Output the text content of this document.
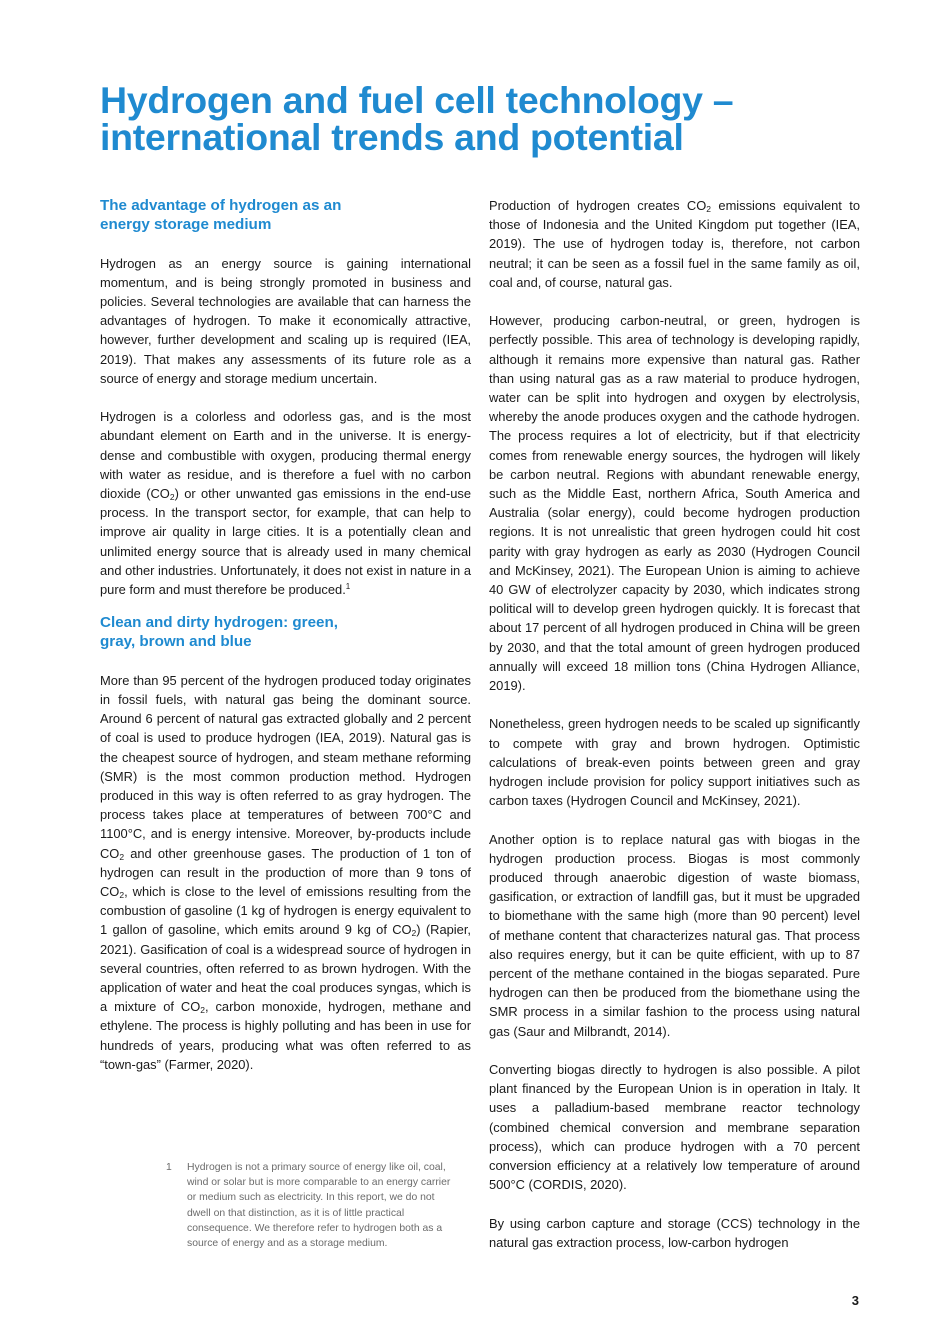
Hydrogen and fuel cell technology – international trends and potential
The advantage of hydrogen as an energy storage medium

Hydrogen as an energy source is gaining international momentum, and is being strongly promoted in business and policies. Several technologies are available that can harness the advantages of hydrogen. To make it economically attractive, however, further development and scaling up is required (IEA, 2019). That makes any assessments of its future role as a source of energy and storage medium uncertain.

Hydrogen is a colorless and odorless gas, and is the most abundant element on Earth and in the universe. It is energy-dense and combustible with oxygen, producing thermal energy with water as residue, and is therefore a fuel with no carbon dioxide $(CO_2)$ or other unwanted gas emissions in the end-use process. In the transport sector, for example, that can help to improve air quality in large cities. It is a potentially clean and unlimited energy source that is already used in many chemical and other industries. Unfortunately, it does not exist in nature in a pure form and must therefore be produced.$^1$

Clean and dirty hydrogen: green, gray, brown and blue

More than 95 percent of the hydrogen produced today originates in fossil fuels, with natural gas being the dominant source. Around 6 percent of natural gas extracted globally and 2 percent of coal is used to produce hydrogen (IEA, 2019). Natural gas is the cheapest source of hydrogen, and steam methane reforming (SMR) is the most common production method. Hydrogen produced in this way is often referred to as gray hydrogen. The process takes place at temperatures of between 700°C and 1100°C, and is energy intensive. Moreover, by-products include $CO_2$ and other greenhouse gases. The production of 1 ton of hydrogen can result in the production of more than 9 tons of $CO_2$, which is close to the level of emissions resulting from the combustion of gasoline (1 kg of hydrogen is energy equivalent to 1 gallon of gasoline, which emits around 9 kg of $CO_2$) (Rapier, 2021). Gasification of coal is a widespread source of hydrogen in several countries, often referred to as brown hydrogen. With the application of water and heat the coal produces syngas, which is a mixture of $CO_2$, carbon monoxide, hydrogen, methane and ethylene. The process is highly polluting and has been in use for hundreds of years, producing what was often referred to as “town-gas” (Farmer, 2020).

Production of hydrogen creates $CO_2$ emissions equivalent to those of Indonesia and the United Kingdom put together (IEA, 2019). The use of hydrogen today is, therefore, not carbon neutral; it can be seen as a fossil fuel in the same family as oil, coal and, of course, natural gas.

However, producing carbon-neutral, or green, hydrogen is perfectly possible. This area of technology is developing rapidly, although it remains more expensive than natural gas. Rather than using natural gas as a raw material to produce hydrogen, water can be split into hydrogen and oxygen by electrolysis, whereby the anode produces oxygen and the cathode hydrogen. The process requires a lot of electricity, but if that electricity comes from renewable energy sources, the hydrogen will likely be carbon neutral. Regions with abundant renewable energy, such as the Middle East, northern Africa, South America and Australia (solar energy), could become hydrogen production regions. It is not unrealistic that green hydrogen could hit cost parity with gray hydrogen as early as 2030 (Hydrogen Council and McKinsey, 2021). The European Union is aiming to achieve 40 GW of electrolyzer capacity by 2030, which indicates strong political will to develop green hydrogen quickly. It is forecast that about 17 percent of all hydrogen produced in China will be green by 2030, and that the total amount of green hydrogen produced annually will exceed 18 million tons (China Hydrogen Alliance, 2019).

Nonetheless, green hydrogen needs to be scaled up significantly to compete with gray and brown hydrogen. Optimistic calculations of break-even points between green and gray hydrogen include provision for policy support initiatives such as carbon taxes (Hydrogen Council and McKinsey, 2021).

Another option is to replace natural gas with biogas in the hydrogen production process. Biogas is most commonly produced through anaerobic digestion of waste biomass, gasification, or extraction of landfill gas, but it must be upgraded to biomethane with the same high (more than 90 percent) level of methane content that characterizes natural gas. That process also requires energy, but it can be quite efficient, with up to 87 percent of the methane contained in the biogas separated. Pure hydrogen can then be produced from the biomethane using the SMR process in a similar fashion to the process using natural gas (Saur and Milbrandt, 2014).

Converting biogas directly to hydrogen is also possible. A pilot plant financed by the European Union is in operation in Italy. It uses a palladium-based membrane reactor technology (combined chemical conversion and membrane separation process), which can produce hydrogen with a 70 percent conversion efficiency at a relatively low temperature of around 500°C (CORDIS, 2020).

By using carbon capture and storage (CCS) technology in the natural gas extraction process, low-carbon hydrogen

1 Hydrogen is not a primary source of energy like oil, coal, wind or solar but is more comparable to an energy carrier or medium such as electricity. In this report, we do not dwell on that distinction, as it is of little practical consequence. We therefore refer to hydrogen both as a source of energy and as a storage medium.

3
